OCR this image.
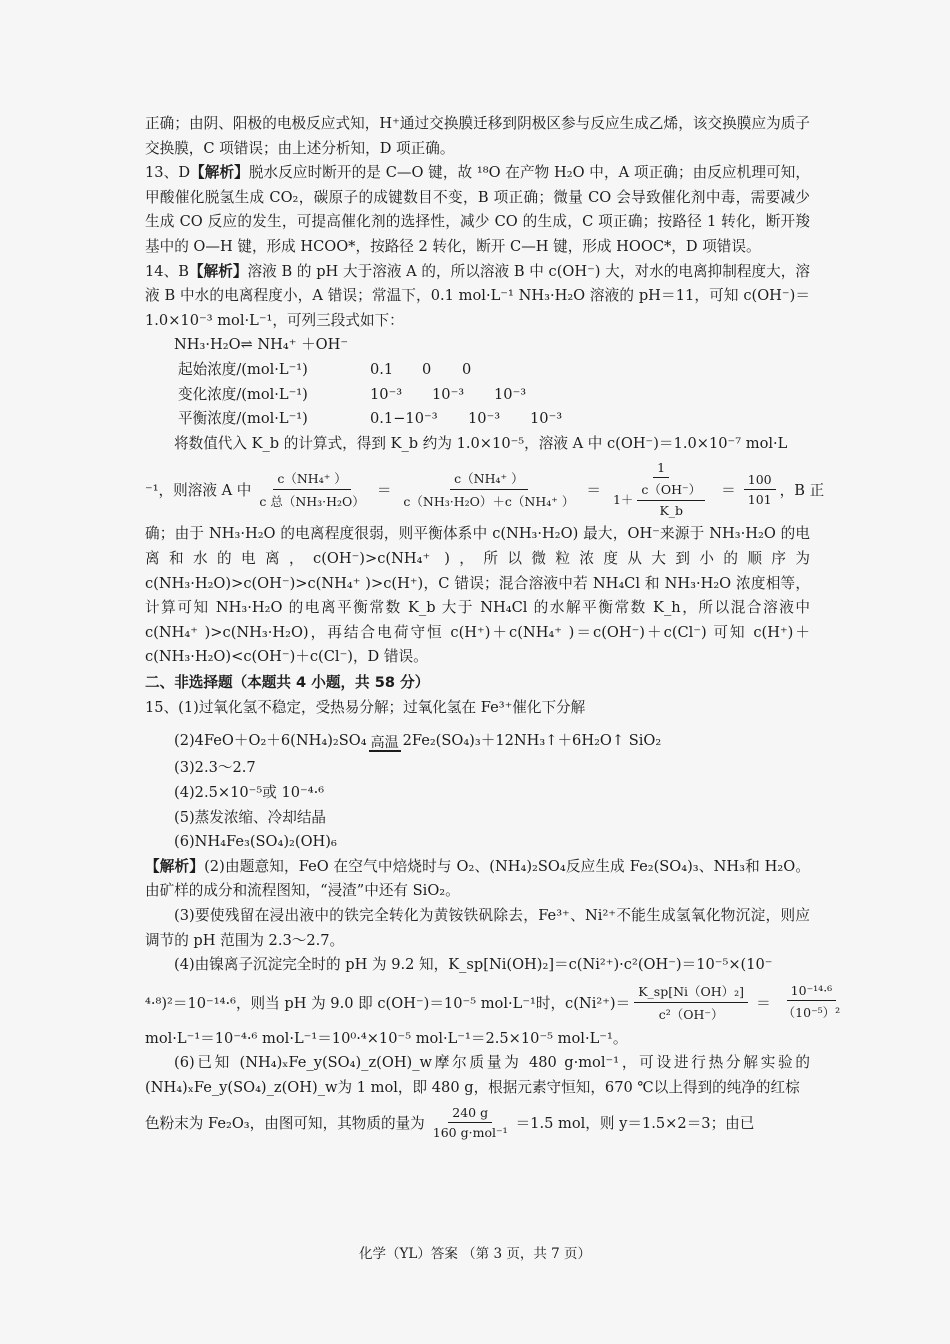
正确；由阴、阳极的电极反应式知，H⁺通过交换膜迁移到阴极区参与反应生成乙烯，该交换膜应为质子交换膜，C 项错误；由上述分析知，D 项正确。

13、D【解析】脱水反应时断开的是 C—O 键，故 ¹⁸O 在产物 H₂O 中，A 项正确；由反应机理可知，甲酸催化脱氢生成 CO₂，碳原子的成键数目不变，B 项正确；微量 CO 会导致催化剂中毒，需要减少生成 CO 反应的发生，可提高催化剂的选择性，减少 CO 的生成，C 项正确；按路径 1 转化，断开羧基中的 O—H 键，形成 HCOO*，按路径 2 转化，断开 C—H 键，形成 HOOC*，D 项错误。

14、B【解析】溶液 B 的 pH 大于溶液 A 的，所以溶液 B 中 c(OH⁻) 大，对水的电离抑制程度大，溶液 B 中水的电离程度小，A 错误；常温下，0.1 mol·L⁻¹ NH₃·H₂O 溶液的 pH＝11，可知 c(OH⁻)＝1.0×10⁻³ mol·L⁻¹，可列三段式如下：

NH₃·H₂O⇌ NH₄⁺ ＋OH⁻

起始浓度/(mol·L⁻¹)	0.1	0	0
变化浓度/(mol·L⁻¹)	10⁻³	10⁻³	10⁻³
平衡浓度/(mol·L⁻¹)	0.1−10⁻³	10⁻³	10⁻³

将数值代入 K_b 的计算式，得到 K_b 约为 1.0×10⁻⁵，溶液 A 中 c(OH⁻)＝1.0×10⁻⁷ mol·L

⁻¹，则溶液 A 中 $\frac{\text{c（NH₄⁺ ）}}{\text{c 总（NH₃·H₂O）}} = \frac{\text{c（NH₄⁺ ）}}{\text{c（NH₃·H₂O）＋c（NH₄⁺ ）}} = \frac{1}{1+ \frac{c(OH^-)}{K\_b}} = \frac{100}{101}$ ，B 正

确；由于 NH₃·H₂O 的电离程度很弱，则平衡体系中 c(NH₃·H₂O) 最大，OH⁻来源于 NH₃·H₂O 的电离和水的电离，c(OH⁻)>c(NH₄⁺ )，所以微粒浓度从大到小的顺序为 c(NH₃·H₂O)>c(OH⁻)>c(NH₄⁺ )>c(H⁺)，C 错误；混合溶液中若 NH₄Cl 和 NH₃·H₂O 浓度相等，计算可知 NH₃·H₂O 的电离平衡常数 K_b 大于 NH₄Cl 的水解平衡常数 K_h，所以混合溶液中 c(NH₄⁺ )>c(NH₃·H₂O)，再结合电荷守恒 c(H⁺)＋c(NH₄⁺ )＝c(OH⁻)＋c(Cl⁻) 可知 c(H⁺)＋c(NH₃·H₂O)<c(OH⁻)＋c(Cl⁻)，D 错误。

二、非选择题（本题共 4 小题，共 58 分）

15、(1)过氧化氢不稳定，受热易分解；过氧化氢在 Fe³⁺催化下分解

(2)4FeO＋O₂＋6(NH₄)₂SO₄ 高温 2Fe₂(SO₄)₃＋12NH₃↑＋6H₂O↑ SiO₂

(3)2.3～2.7

(4)2.5×10⁻⁵或 10⁻⁴·⁶

(5)蒸发浓缩、冷却结晶

(6)NH₄Fe₃(SO₄)₂(OH)₆

【解析】(2)由题意知，FeO 在空气中焙烧时与 O₂、(NH₄)₂SO₄反应生成 Fe₂(SO₄)₃、NH₃和 H₂O。由矿样的成分和流程图知，“浸渣”中还有 SiO₂。

(3)要使残留在浸出液中的铁完全转化为黄铵铁矾除去，Fe³⁺、Ni²⁺不能生成氢氧化物沉淀，则应调节的 pH 范围为 2.3～2.7。

(4)由镍离子沉淀完全时的 pH 为 9.2 知，K_sp[Ni(OH)₂]＝c(Ni²⁺)·c²(OH⁻)＝10⁻⁵×(10⁻

⁴·⁸)²＝10⁻¹⁴·⁶，则当 pH 为 9.0 即 c(OH⁻)＝10⁻⁵ mol·L⁻¹时，$c(Ni^{2+})= \frac{\text{K\_sp[Ni（OH）₂]}}{\text{c²（OH⁻）}} = \frac{\text{10⁻¹⁴·⁶}}{\text{（10⁻⁵）²}}$

mol·L⁻¹＝10⁻⁴·⁶ mol·L⁻¹＝10⁰·⁴×10⁻⁵ mol·L⁻¹＝2.5×10⁻⁵ mol·L⁻¹。

(6)已知 (NH₄)ₓFe_y(SO₄)_z(OH)_w摩尔质量为 480 g·mol⁻¹，可设进行热分解实验的 (NH₄)ₓFe_y(SO₄)_z(OH)_w为 1 mol，即 480 g，根据元素守恒知，670 ℃以上得到的纯净的红棕

色粉末为 Fe₂O₃，由图可知，其物质的量为 $\frac{240 g}{\text{160 g·mol⁻¹}} =1.5$ mol，则 y＝1.5×2＝3；由已
化学（YL）答案 （第 3 页，共 7 页）
